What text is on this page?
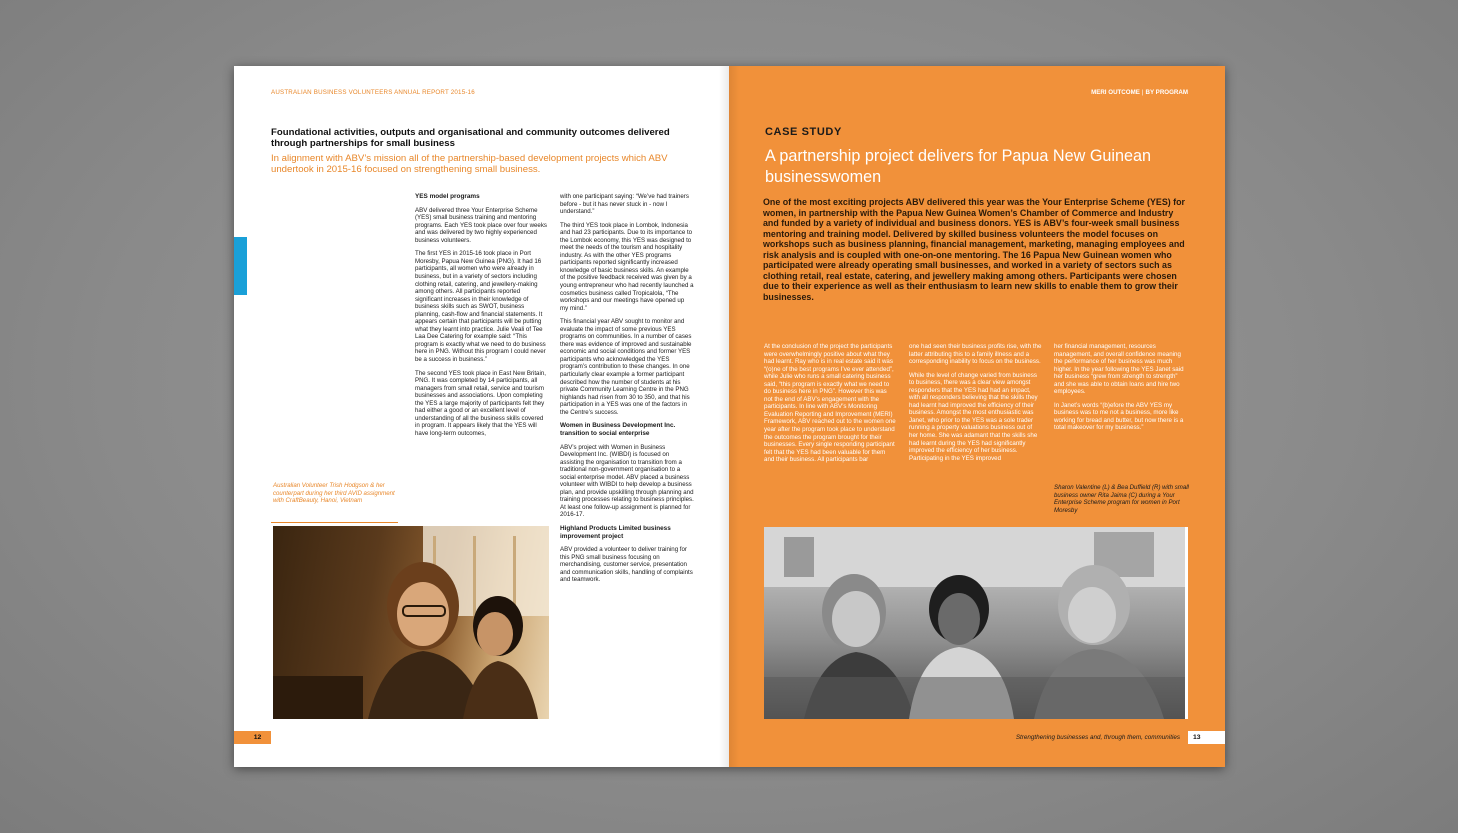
AUSTRALIAN BUSINESS VOLUNTEERS ANNUAL REPORT 2015-16
Foundational activities, outputs and organisational and community outcomes delivered through partnerships for small business
In alignment with ABV’s mission all of the partnership-based development projects which ABV undertook in 2015-16 focused on strengthening small business.
YES model programs

ABV delivered three Your Enterprise Scheme (YES) small business training and mentoring programs. Each YES took place over four weeks and was delivered by two highly experienced business volunteers.

The first YES in 2015-16 took place in Port Moresby, Papua New Guinea (PNG). It had 16 participants, all women who were already in business, but in a variety of sectors including clothing retail, catering, and jewellery-making among others. All participants reported significant increases in their knowledge of business skills such as SWOT, business planning, cash-flow and financial statements. It appears certain that participants will be putting what they learnt into practice. Julie Veali of Tee Laa Dee Catering for example said: “This program is exactly what we need to do business here in PNG. Without this program I could never be a success in business.”

The second YES took place in East New Britain, PNG. It was completed by 14 participants, all managers from small retail, service and tourism businesses and associations. Upon completing the YES a large majority of participants felt they had either a good or an excellent level of understanding of all the business skills covered in program. It appears likely that the YES will have long-term outcomes,

with one participant saying: “We’ve had trainers before - but it has never stuck in - now I understand.”

The third YES took place in Lombok, Indonesia and had 23 participants. Due to its importance to the Lombok economy, this YES was designed to meet the needs of the tourism and hospitality industry. As with the other YES programs participants reported significantly increased knowledge of basic business skills. An example of the positive feedback received was given by a young entrepreneur who had recently launched a cosmetics business called Tropicalola, “The workshops and our meetings have opened up my mind.”

This financial year ABV sought to monitor and evaluate the impact of some previous YES programs on communities. In a number of cases there was evidence of improved and sustainable economic and social conditions and former YES participants who acknowledged the YES program’s contribution to these changes. In one particularly clear example a former participant described how the number of students at his private Community Learning Centre in the PNG highlands had risen from 30 to 350, and that his participation in a YES was one of the factors in the Centre’s success.

Women in Business Development Inc. transition to social enterprise

ABV’s project with Women in Business Development Inc. (WIBDI) is focused on assisting the organisation to transition from a traditional non-government organisation to a social enterprise model. ABV placed a business volunteer with WIBDI to help develop a business plan, and provide upskilling through planning and training processes relating to business principles. At least one follow-up assignment is planned for 2016-17.

Highland Products Limited business improvement project

ABV provided a volunteer to deliver training for this PNG small business focusing on merchandising, customer service, presentation and communication skills, handling of complaints and teamwork.

Australian Volunteer Trish Hodgson & her counterpart during her third AVID assignment with CraftBeauty, Hanoi, Vietnam
12
MERI OUTCOME | BY PROGRAM
CASE STUDY
A partnership project delivers for Papua New Guinean businesswomen
One of the most exciting projects ABV delivered this year was the Your Enterprise Scheme (YES) for women, in partnership with the Papua New Guinea Women’s Chamber of Commerce and Industry and funded by a variety of individual and business donors. YES is ABV’s four-week small business mentoring and training model. Delivered by skilled business volunteers the model focuses on workshops such as business planning, financial management, marketing, managing employees and risk analysis and is coupled with one-on-one mentoring. The 16 Papua New Guinean women who participated were already operating small businesses, and worked in a variety of sectors such as clothing retail, real estate, catering, and jewellery making among others. Participants were chosen due to their experience as well as their enthusiasm to learn new skills to enable them to grow their businesses.

At the conclusion of the project the participants were overwhelmingly positive about what they had learnt. Ray who is in real estate said it was “(o)ne of the best programs I’ve ever attended”, while Julie who runs a small catering business said, “this program is exactly what we need to do business here in PNG”. However this was not the end of ABV’s engagement with the participants. In line with ABV’s Monitoring Evaluation Reporting and Improvement (MERI) Framework, ABV reached out to the women one year after the program took place to understand the outcomes the program brought for their businesses. Every single responding participant felt that the YES had been valuable for them and their business. All participants bar

one had seen their business profits rise, with the latter attributing this to a family illness and a corresponding inability to focus on the business.

While the level of change varied from business to business, there was a clear view amongst responders that the YES had had an impact, with all responders believing that the skills they had learnt had improved the efficiency of their business. Amongst the most enthusiastic was Janet, who prior to the YES was a sole trader running a property valuations business out of her home. She was adamant that the skills she had learnt during the YES had significantly improved the efficiency of her business. Participating in the YES improved

her financial management, resources management, and overall confidence meaning the performance of her business was much higher. In the year following the YES Janet said her business “grew from strength to strength” and she was able to obtain loans and hire two employees.

In Janet’s words “(b)efore the ABV YES my business was to me not a business, more like working for bread and butter, but now there is a total makeover for my business.”

Sharon Valentine (L) & Bea Duffield (R) with small business owner Rita Jaima (C) during a Your Enterprise Scheme program for women in Port Moresby
Strengthening businesses and, through them, communities	13
